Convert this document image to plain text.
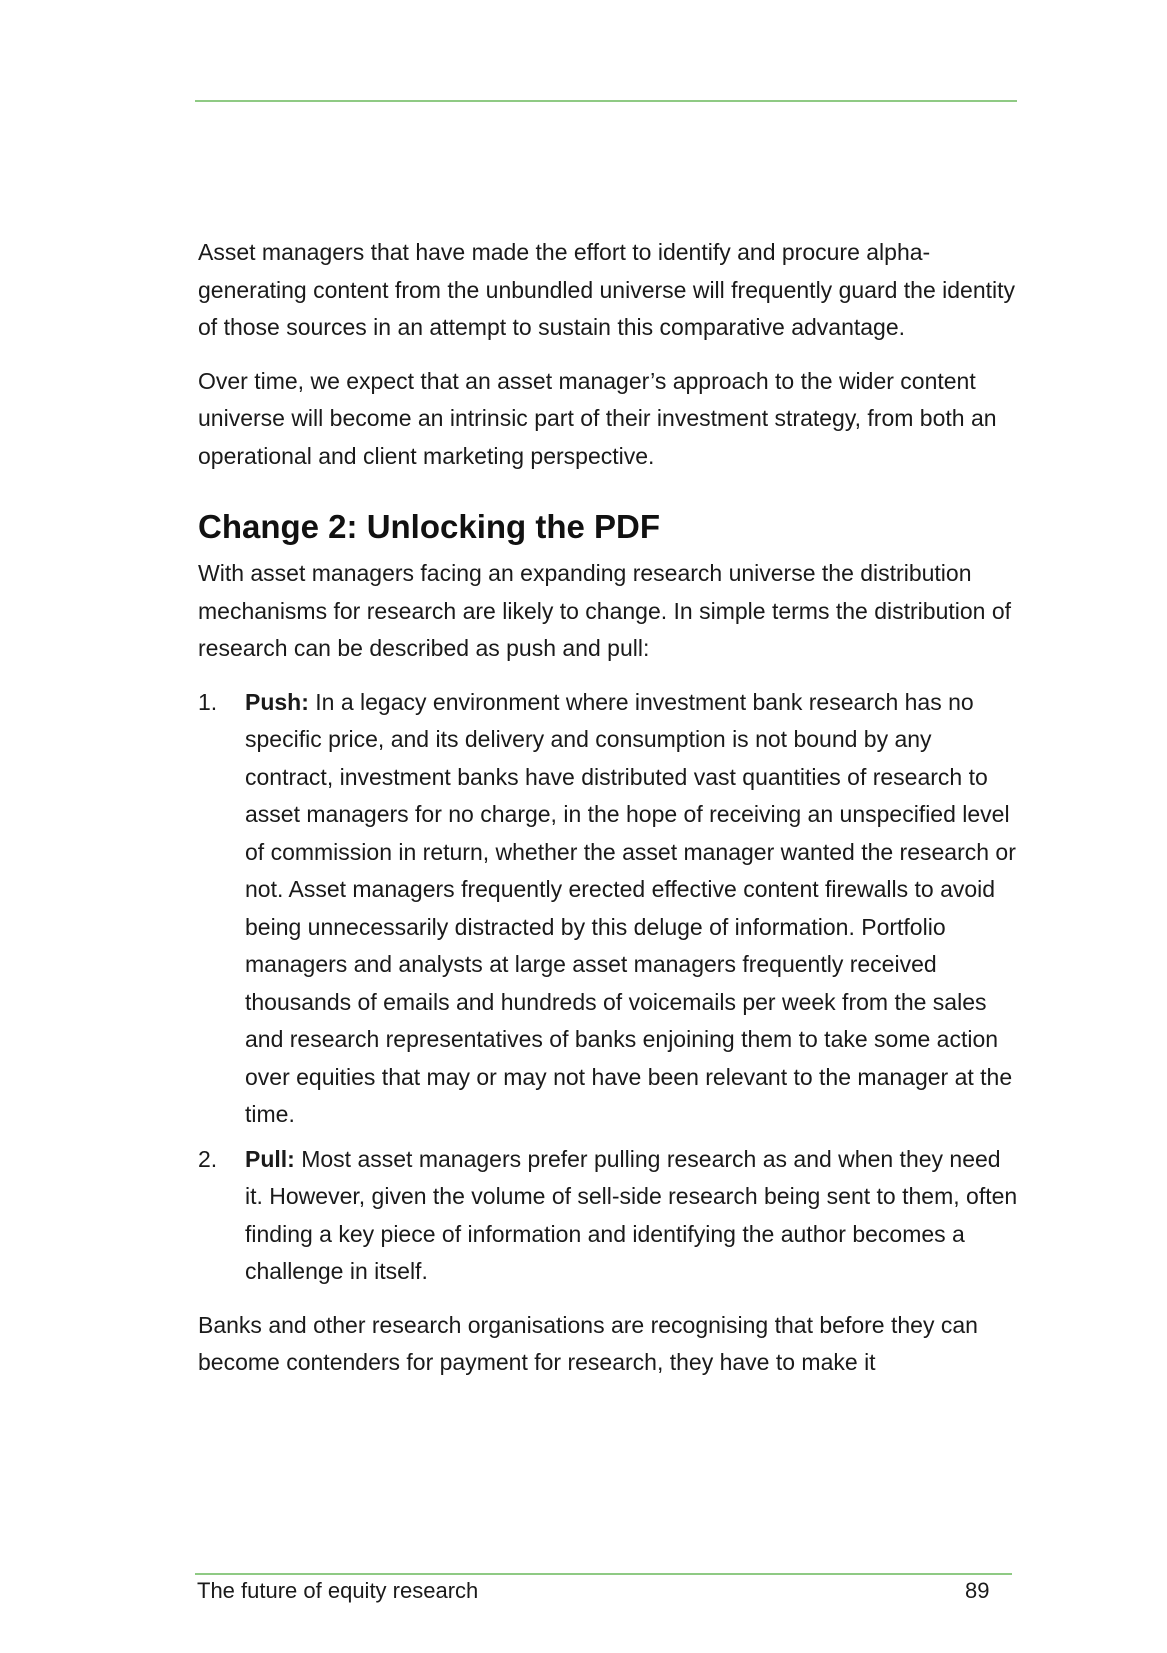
Asset managers that have made the effort to identify and procure alpha-generating content from the unbundled universe will frequently guard the identity of those sources in an attempt to sustain this comparative advantage.

Over time, we expect that an asset manager’s approach to the wider content universe will become an intrinsic part of their investment strategy, from both an operational and client marketing perspective.

Change 2: Unlocking the PDF

With asset managers facing an expanding research universe the distribution mechanisms for research are likely to change. In simple terms the distribution of research can be described as push and pull:

1. Push: In a legacy environment where investment bank research has no specific price, and its delivery and consumption is not bound by any contract, investment banks have distributed vast quantities of research to asset managers for no charge, in the hope of receiving an unspecified level of commission in return, whether the asset manager wanted the research or not. Asset managers frequently erected effective content firewalls to avoid being unnecessarily distracted by this deluge of information. Portfolio managers and analysts at large asset managers frequently received thousands of emails and hundreds of voicemails per week from the sales and research representatives of banks enjoining them to take some action over equities that may or may not have been relevant to the manager at the time.
2. Pull: Most asset managers prefer pulling research as and when they need it. However, given the volume of sell-side research being sent to them, often finding a key piece of information and identifying the author becomes a challenge in itself.

Banks and other research organisations are recognising that before they can become contenders for payment for research, they have to make it

The future of equity research	89
